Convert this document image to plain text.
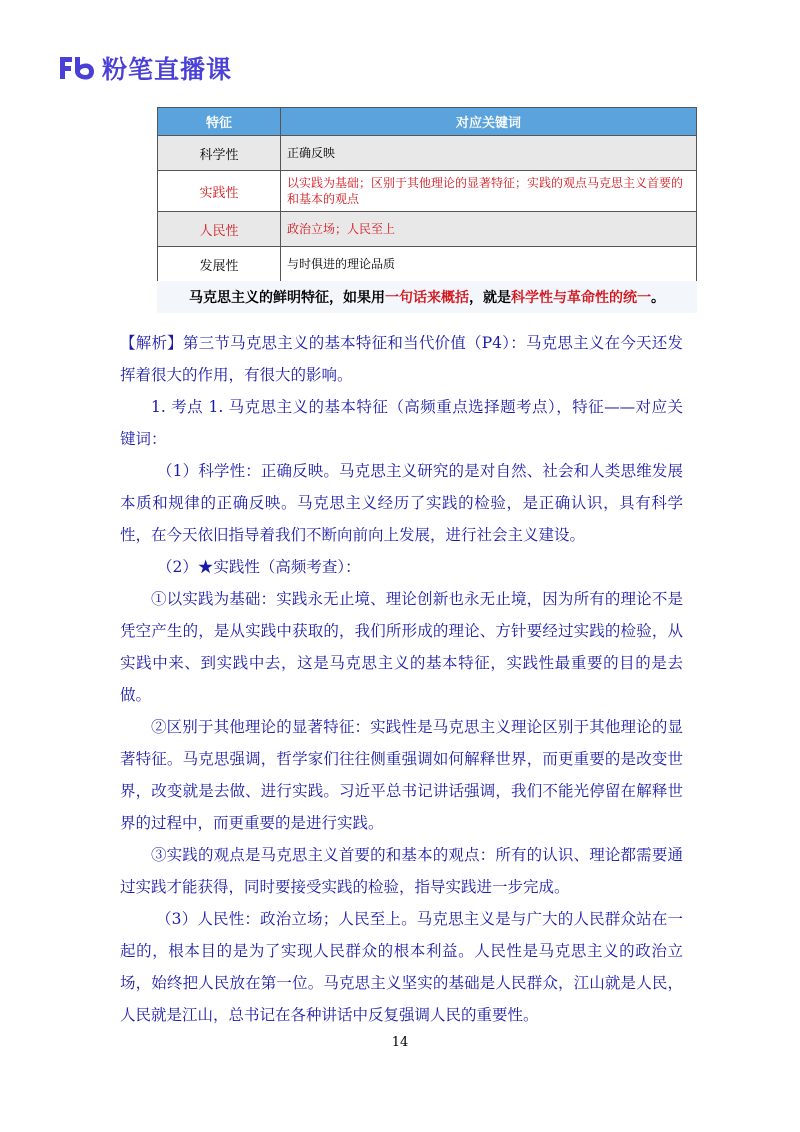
粉笔直播课
特征	对应关键词
科学性	正确反映
实践性	以实践为基础；区别于其他理论的显著特征；实践的观点马克思主义首要的和基本的观点
人民性	政治立场；人民至上
发展性	与时俱进的理论品质
马克思主义的鲜明特征，如果用 一句话来概括 ，就是 科学性与革命性的统一 。

【解析】第三节马克思主义的基本特征和当代价值（P4）：马克思主义在今天还发挥着很大的作用，有很大的影响。

1. 考点 1. 马克思主义的基本特征（高频重点选择题考点），特征——对应关键词：

（1）科学性：正确反映。马克思主义研究的是对自然、社会和人类思维发展本质和规律的正确反映。马克思主义经历了实践的检验，是正确认识，具有科学性，在今天依旧指导着我们不断向前向上发展，进行社会主义建设。

（2）★实践性（高频考查）：

①以实践为基础：实践永无止境、理论创新也永无止境，因为所有的理论不是凭空产生的，是从实践中获取的，我们所形成的理论、方针要经过实践的检验，从实践中来、到实践中去，这是马克思主义的基本特征，实践性最重要的目的是去做。

②区别于其他理论的显著特征：实践性是马克思主义理论区别于其他理论的显著特征。马克思强调，哲学家们往往侧重强调如何解释世界，而更重要的是改变世界，改变就是去做、进行实践。习近平总书记讲话强调，我们不能光停留在解释世界的过程中，而更重要的是进行实践。

③实践的观点是马克思主义首要的和基本的观点：所有的认识、理论都需要通过实践才能获得，同时要接受实践的检验，指导实践进一步完成。

（3）人民性：政治立场；人民至上。马克思主义是与广大的人民群众站在一起的，根本目的是为了实现人民群众的根本利益。人民性是马克思主义的政治立场，始终把人民放在第一位。马克思主义坚实的基础是人民群众，江山就是人民，人民就是江山，总书记在各种讲话中反复强调人民的重要性。

14
